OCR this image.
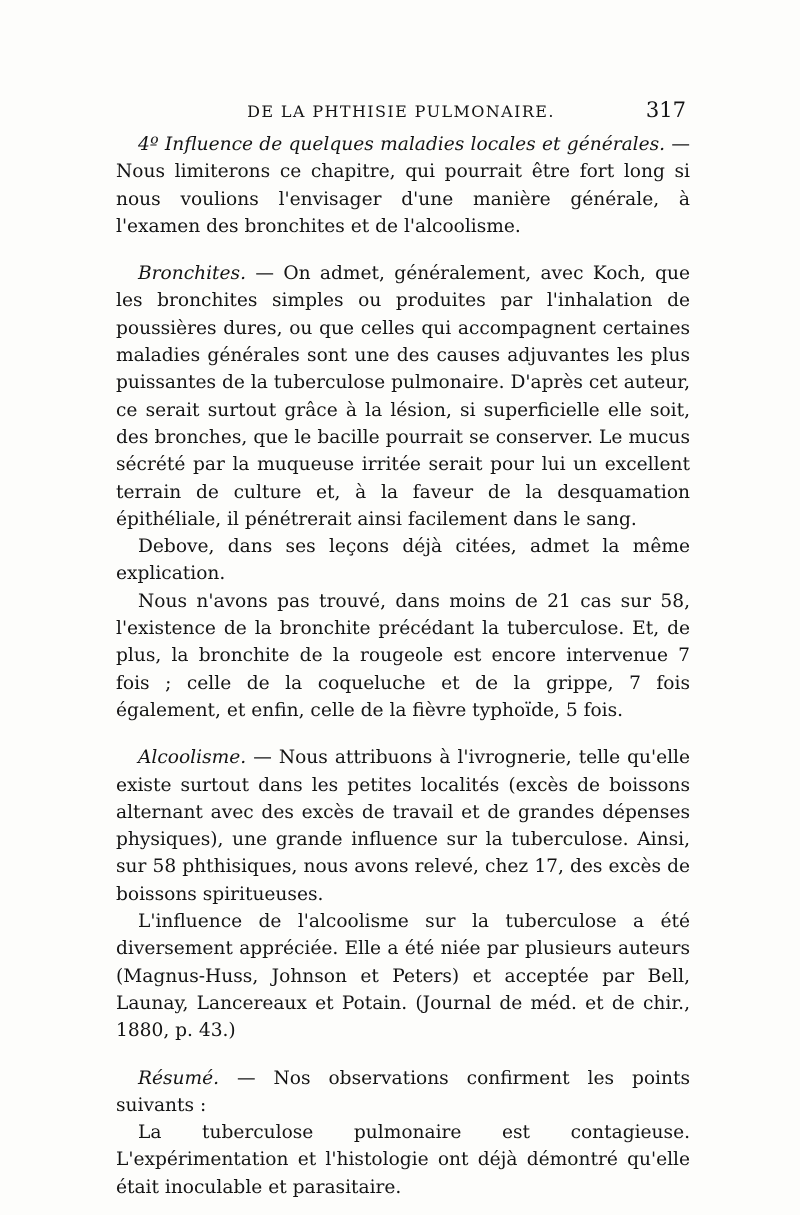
DE LA PHTHISIE PULMONAIRE.	317

4º Influence de quelques maladies locales et générales. — Nous limiterons ce chapitre, qui pourrait être fort long si nous voulions l'envisager d'une manière générale, à l'examen des bronchites et de l'alcoolisme.

Bronchites. — On admet, généralement, avec Koch, que les bronchites simples ou produites par l'inhalation de poussières dures, ou que celles qui accompagnent certaines maladies générales sont une des causes adjuvantes les plus puissantes de la tuberculose pulmonaire. D'après cet auteur, ce serait surtout grâce à la lésion, si superficielle elle soit, des bronches, que le bacille pourrait se conserver. Le mucus sécrété par la muqueuse irritée serait pour lui un excellent terrain de culture et, à la faveur de la desquamation épithéliale, il pénétrerait ainsi facilement dans le sang.

Debove, dans ses leçons déjà citées, admet la même explication.

Nous n'avons pas trouvé, dans moins de 21 cas sur 58, l'existence de la bronchite précédant la tuberculose. Et, de plus, la bronchite de la rougeole est encore intervenue 7 fois ; celle de la coqueluche et de la grippe, 7 fois également, et enfin, celle de la fièvre typhoïde, 5 fois.

Alcoolisme. — Nous attribuons à l'ivrognerie, telle qu'elle existe surtout dans les petites localités (excès de boissons alternant avec des excès de travail et de grandes dépenses physiques), une grande influence sur la tuberculose. Ainsi, sur 58 phthisiques, nous avons relevé, chez 17, des excès de boissons spiritueuses.

L'influence de l'alcoolisme sur la tuberculose a été diversement appréciée. Elle a été niée par plusieurs auteurs (Magnus-Huss, Johnson et Peters) et acceptée par Bell, Launay, Lancereaux et Potain. (Journal de méd. et de chir., 1880, p. 43.)

Résumé. — Nos observations confirment les points suivants :

La tuberculose pulmonaire est contagieuse. L'expérimentation et l'histologie ont déjà démontré qu'elle était inoculable et parasitaire.
